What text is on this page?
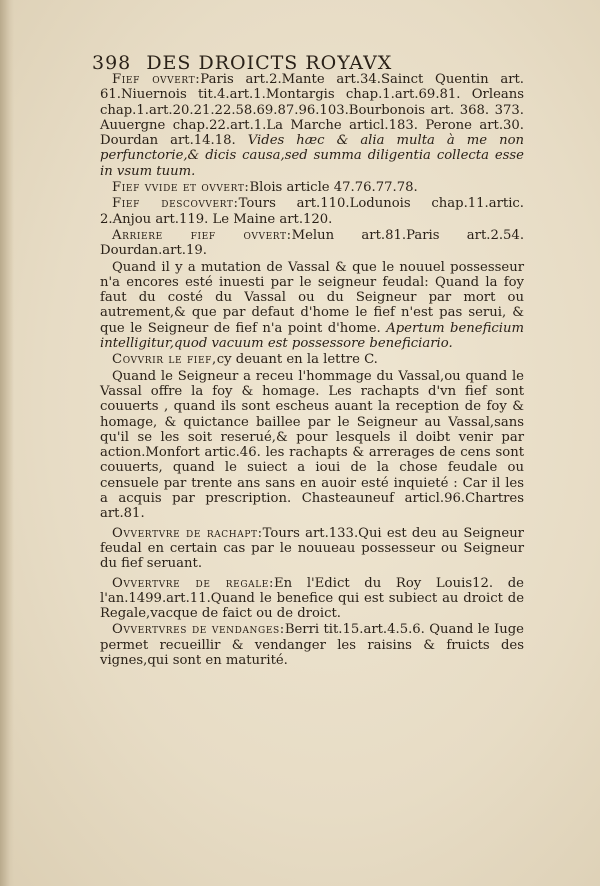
398 DES DROICTS ROYAVX

Fief ovvert:Paris art.2.Mante art.34.Sainct Quentin art. 61.Niuernois tit.4.art.1.Montargis chap.1.art.69.81. Orleans chap.1.art.20.21.22.58.69.87.96.103.Bourbonois art. 368. 373. Auuergne chap.22.art.1.La Marche articl.183. Perone art.30. Dourdan art.14.18. Vides hæc & alia multa à me non perfunctorie,& dicis causa,sed summa diligentia collecta esse in vsum tuum.

Fief vvide et ovvert:Blois article 47.76.77.78.

Fief descovvert:Tours art.110.Lodunois chap.11.artic. 2.Anjou art.119. Le Maine art.120.

Arriere fief ovvert:Melun art.81.Paris art.2.54. Dourdan.art.19.

Quand il y a mutation de Vassal & que le nouuel possesseur n'a encores esté inuesti par le seigneur feudal: Quand la foy faut du costé du Vassal ou du Seigneur par mort ou autrement,& que par defaut d'home le fief n'est pas serui, & que le Seigneur de fief n'a point d'home. Apertum beneficium intelligitur,quod vacuum est possessore beneficiario.

Covvrir le fief,cy deuant en la lettre C.

Quand le Seigneur a receu l'hommage du Vassal,ou quand le Vassal offre la foy & homage. Les rachapts d'vn fief sont couuerts , quand ils sont escheus auant la reception de foy & homage, & quictance baillee par le Seigneur au Vassal,sans qu'il se les soit reserué,& pour lesquels il doibt venir par action.Monfort artic.46. les rachapts & arrerages de cens sont couuerts, quand le suiect a ioui de la chose feudale ou censuele par trente ans sans en auoir esté inquieté : Car il les a acquis par prescription. Chasteauneuf articl.96.Chartres art.81.

Ovvertvre de rachapt:Tours art.133.Qui est deu au Seigneur feudal en certain cas par le nouueau possesseur ou Seigneur du fief seruant.

Ovvertvre de regale:En l'Edict du Roy Louis12. de l'an.1499.art.11.Quand le benefice qui est subiect au droict de Regale,vacque de faict ou de droict.

Ovvertvres de vendanges:Berri tit.15.art.4.5.6. Quand le Iuge permet recueillir & vendanger les raisins & fruicts des vignes,qui sont en maturité.
